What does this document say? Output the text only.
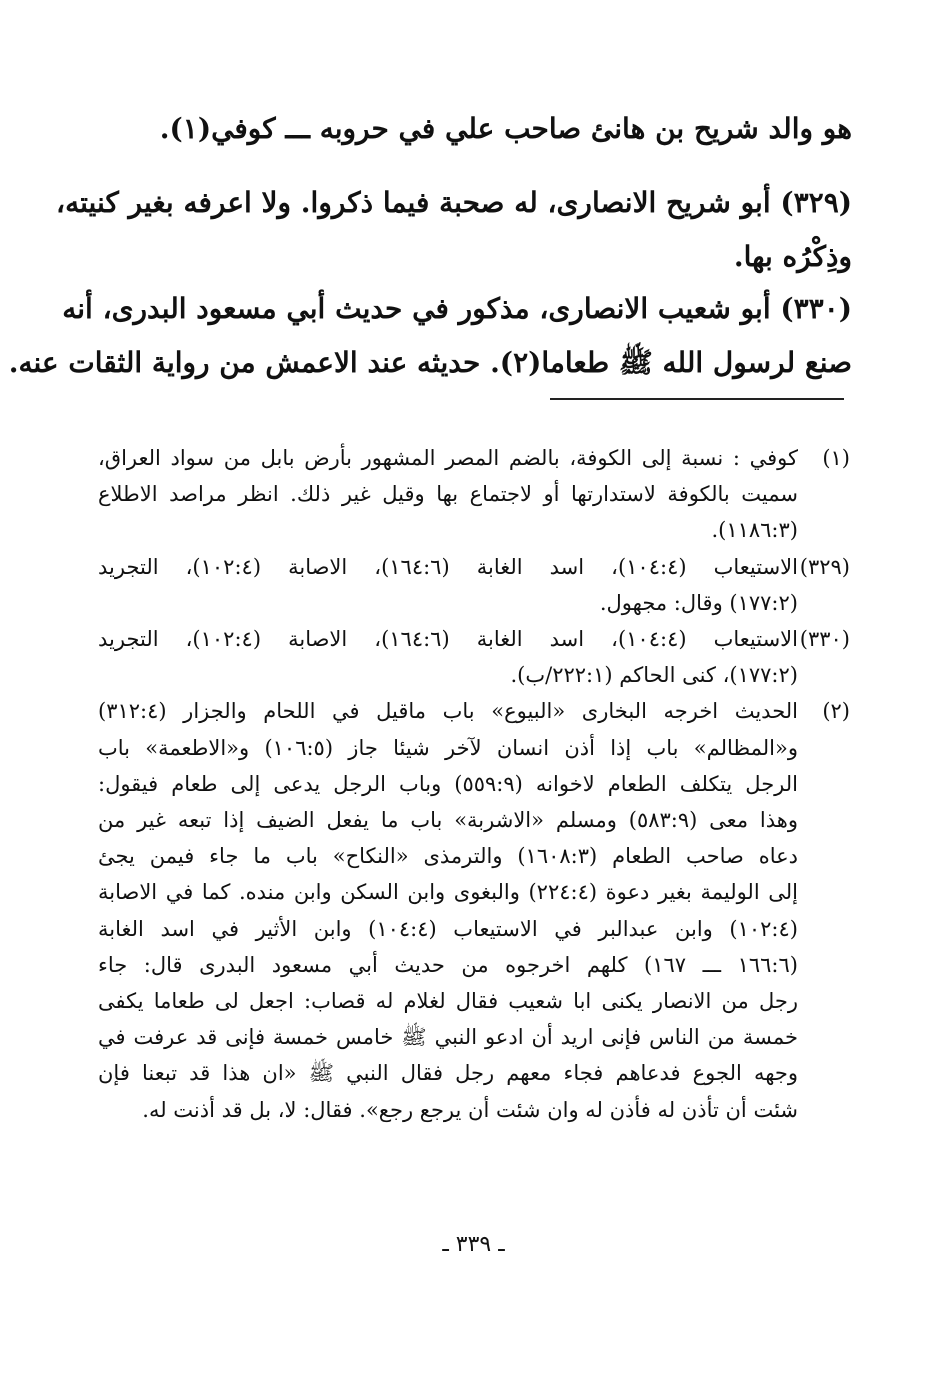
هو والد شريح بن هانئ صاحب علي في حروبه ـــ كوفي(١).
(٣٢٩) أبو شريح الانصارى، له صحبة فيما ذكروا. ولا اعرفه بغير كنيته،
وذِكْرُه بها.
(٣٣٠) أبو شعيب الانصارى، مذكور في حديث أبي مسعود البدرى، أنه
صنع لرسول الله ﷺ طعاما(٢). حديثه عند الاعمش من رواية الثقات عنه.
(١)
كوفي : نسبة إلى الكوفة، بالضم المصر المشهور بأرض بابل من سواد العراق،
سميت بالكوفة لاستدارتها أو لاجتماع بها وقيل غير ذلك. انظر مراصد الاطلاع
(١١٨٦:٣).
(٣٢٩)
الاستيعاب (١٠٤:٤)، اسد الغابة (١٦٤:٦)، الاصابة (١٠٢:٤)، التجريد
(١٧٧:٢) وقال: مجهول.
(٣٣٠)
الاستيعاب (١٠٤:٤)، اسد الغابة (١٦٤:٦)، الاصابة (١٠٢:٤)، التجريد
(١٧٧:٢)، كنى الحاكم (٢٢٢:١/ب).
(٢)
الحديث اخرجه البخارى «البيوع» باب ماقيل في اللحام والجزار (٣١٢:٤)
و«المظالم» باب إذا أذن انسان لآخر شيئا جاز (١٠٦:٥) و«الاطعمة» باب
الرجل يتكلف الطعام لاخوانه (٥٥٩:٩) وباب الرجل يدعى إلى طعام فيقول:
وهذا معى (٥٨٣:٩) ومسلم «الاشربة» باب ما يفعل الضيف إذا تبعه غير من
دعاه صاحب الطعام (١٦٠٨:٣) والترمذى «النكاح» باب ما جاء فيمن يجئ
إلى الوليمة بغير دعوة (٢٢٤:٤) والبغوى وابن السكن وابن منده. كما في الاصابة
(١٠٢:٤) وابن عبدالبر في الاستيعاب (١٠٤:٤) وابن الأثير في اسد الغابة
(١٦٦:٦ ـــ ١٦٧) كلهم اخرجوه من حديث أبي مسعود البدرى قال: جاء
رجل من الانصار يكنى ابا شعيب فقال لغلام له قصاب: اجعل لى طعاما يكفى
خمسة من الناس فإنى اريد أن ادعو النبي ﷺ خامس خمسة فإنى قد عرفت في
وجهه الجوع فدعاهم فجاء معهم رجل فقال النبي ﷺ «ان هذا قد تبعنا فإن
شئت أن تأذن له فأذن له وان شئت أن يرجع رجع». فقال: لا، بل قد أذنت له.
ـ ٣٣٩ ـ
